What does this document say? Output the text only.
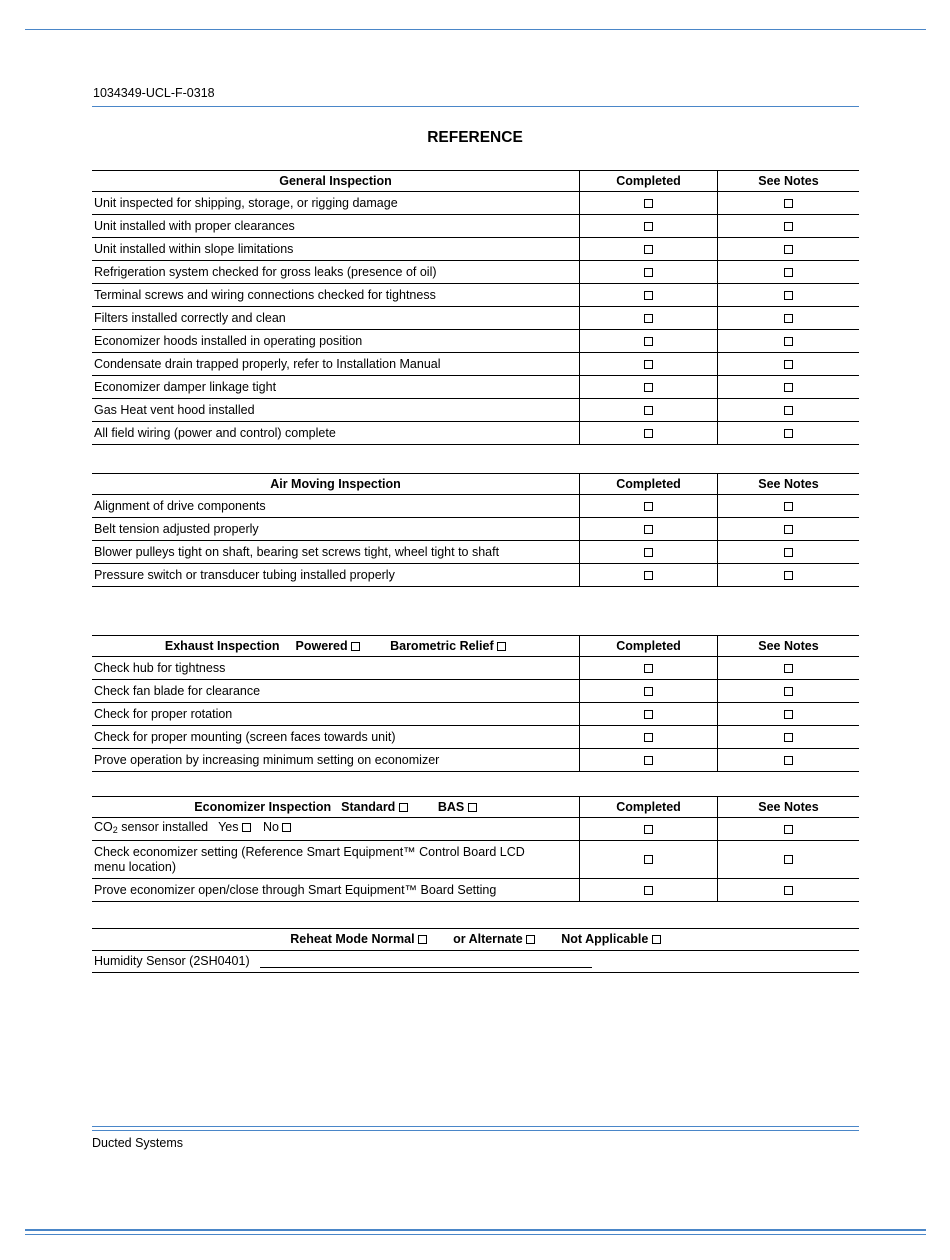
1034349-UCL-F-0318
REFERENCE
General Inspection	Completed	See Notes
Unit inspected for shipping, storage, or rigging damage		
Unit installed with proper clearances		
Unit installed within slope limitations		
Refrigeration system checked for gross leaks (presence of oil)		
Terminal screws and wiring connections checked for tightness		
Filters installed correctly and clean		
Economizer hoods installed in operating position		
Condensate drain trapped properly, refer to Installation Manual		
Economizer damper linkage tight		
Gas Heat vent hood installed		
All field wiring (power and control) complete		
Air Moving Inspection	Completed	See Notes
Alignment of drive components		
Belt tension adjusted properly		
Blower pulleys tight on shaft, bearing set screws tight, wheel tight to shaft		
Pressure switch or transducer tubing installed properly		
Exhaust Inspection Powered Barometric Relief	Completed	See Notes
Check hub for tightness		
Check fan blade for clearance		
Check for proper rotation		
Check for proper mounting (screen faces towards unit)		
Prove operation by increasing minimum setting on economizer		
Economizer Inspection Standard BAS	Completed	See Notes
$CO_2$ sensor installed Yes No		
Check economizer setting (Reference Smart Equipment™ Control Board LCD menu location)		
Prove economizer open/close through Smart Equipment™ Board Setting		
Reheat Mode Normal	or Alternate	Not Applicable
Humidity Sensor (2SH0401)
Ducted Systems
